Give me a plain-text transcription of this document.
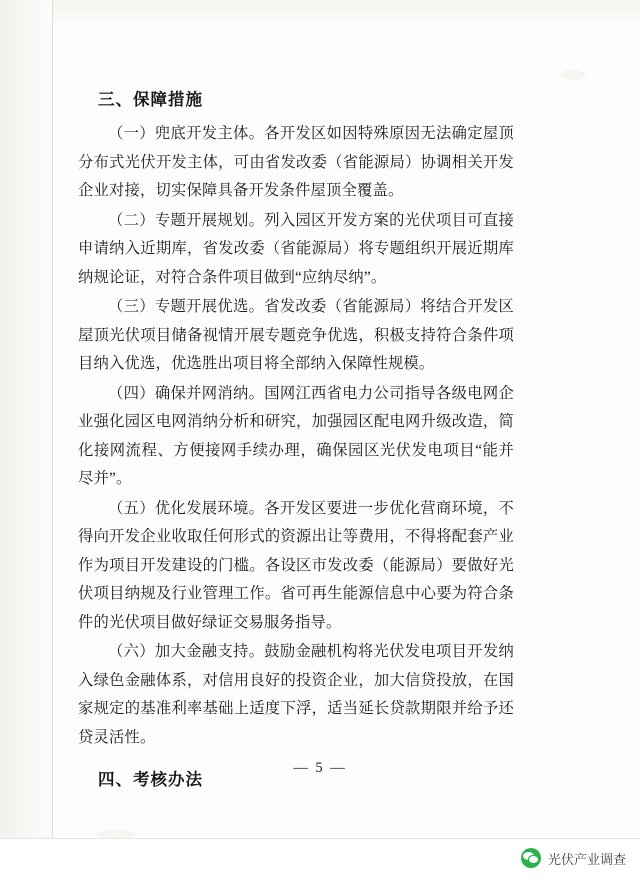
三、保障措施

（一）兜底开发主体。各开发区如因特殊原因无法确定屋顶分布式光伏开发主体，可由省发改委（省能源局）协调相关开发企业对接，切实保障具备开发条件屋顶全覆盖。

（二）专题开展规划。列入园区开发方案的光伏项目可直接申请纳入近期库，省发改委（省能源局）将专题组织开展近期库纳规论证，对符合条件项目做到“应纳尽纳”。

（三）专题开展优选。省发改委（省能源局）将结合开发区屋顶光伏项目储备视情开展专题竞争优选，积极支持符合条件项目纳入优选，优选胜出项目将全部纳入保障性规模。

（四）确保并网消纳。国网江西省电力公司指导各级电网企业强化园区电网消纳分析和研究，加强园区配电网升级改造，简化接网流程、方便接网手续办理，确保园区光伏发电项目“能并尽并”。

（五）优化发展环境。各开发区要进一步优化营商环境，不得向开发企业收取任何形式的资源出让等费用，不得将配套产业作为项目开发建设的门槛。各设区市发改委（能源局）要做好光伏项目纳规及行业管理工作。省可再生能源信息中心要为符合条件的光伏项目做好绿证交易服务指导。

（六）加大金融支持。鼓励金融机构将光伏发电项目开发纳入绿色金融体系，对信用良好的投资企业，加大信贷投放，在国家规定的基准利率基础上适度下浮，适当延长贷款期限并给予还贷灵活性。

四、考核办法
— 5 —
光伏产业调查
